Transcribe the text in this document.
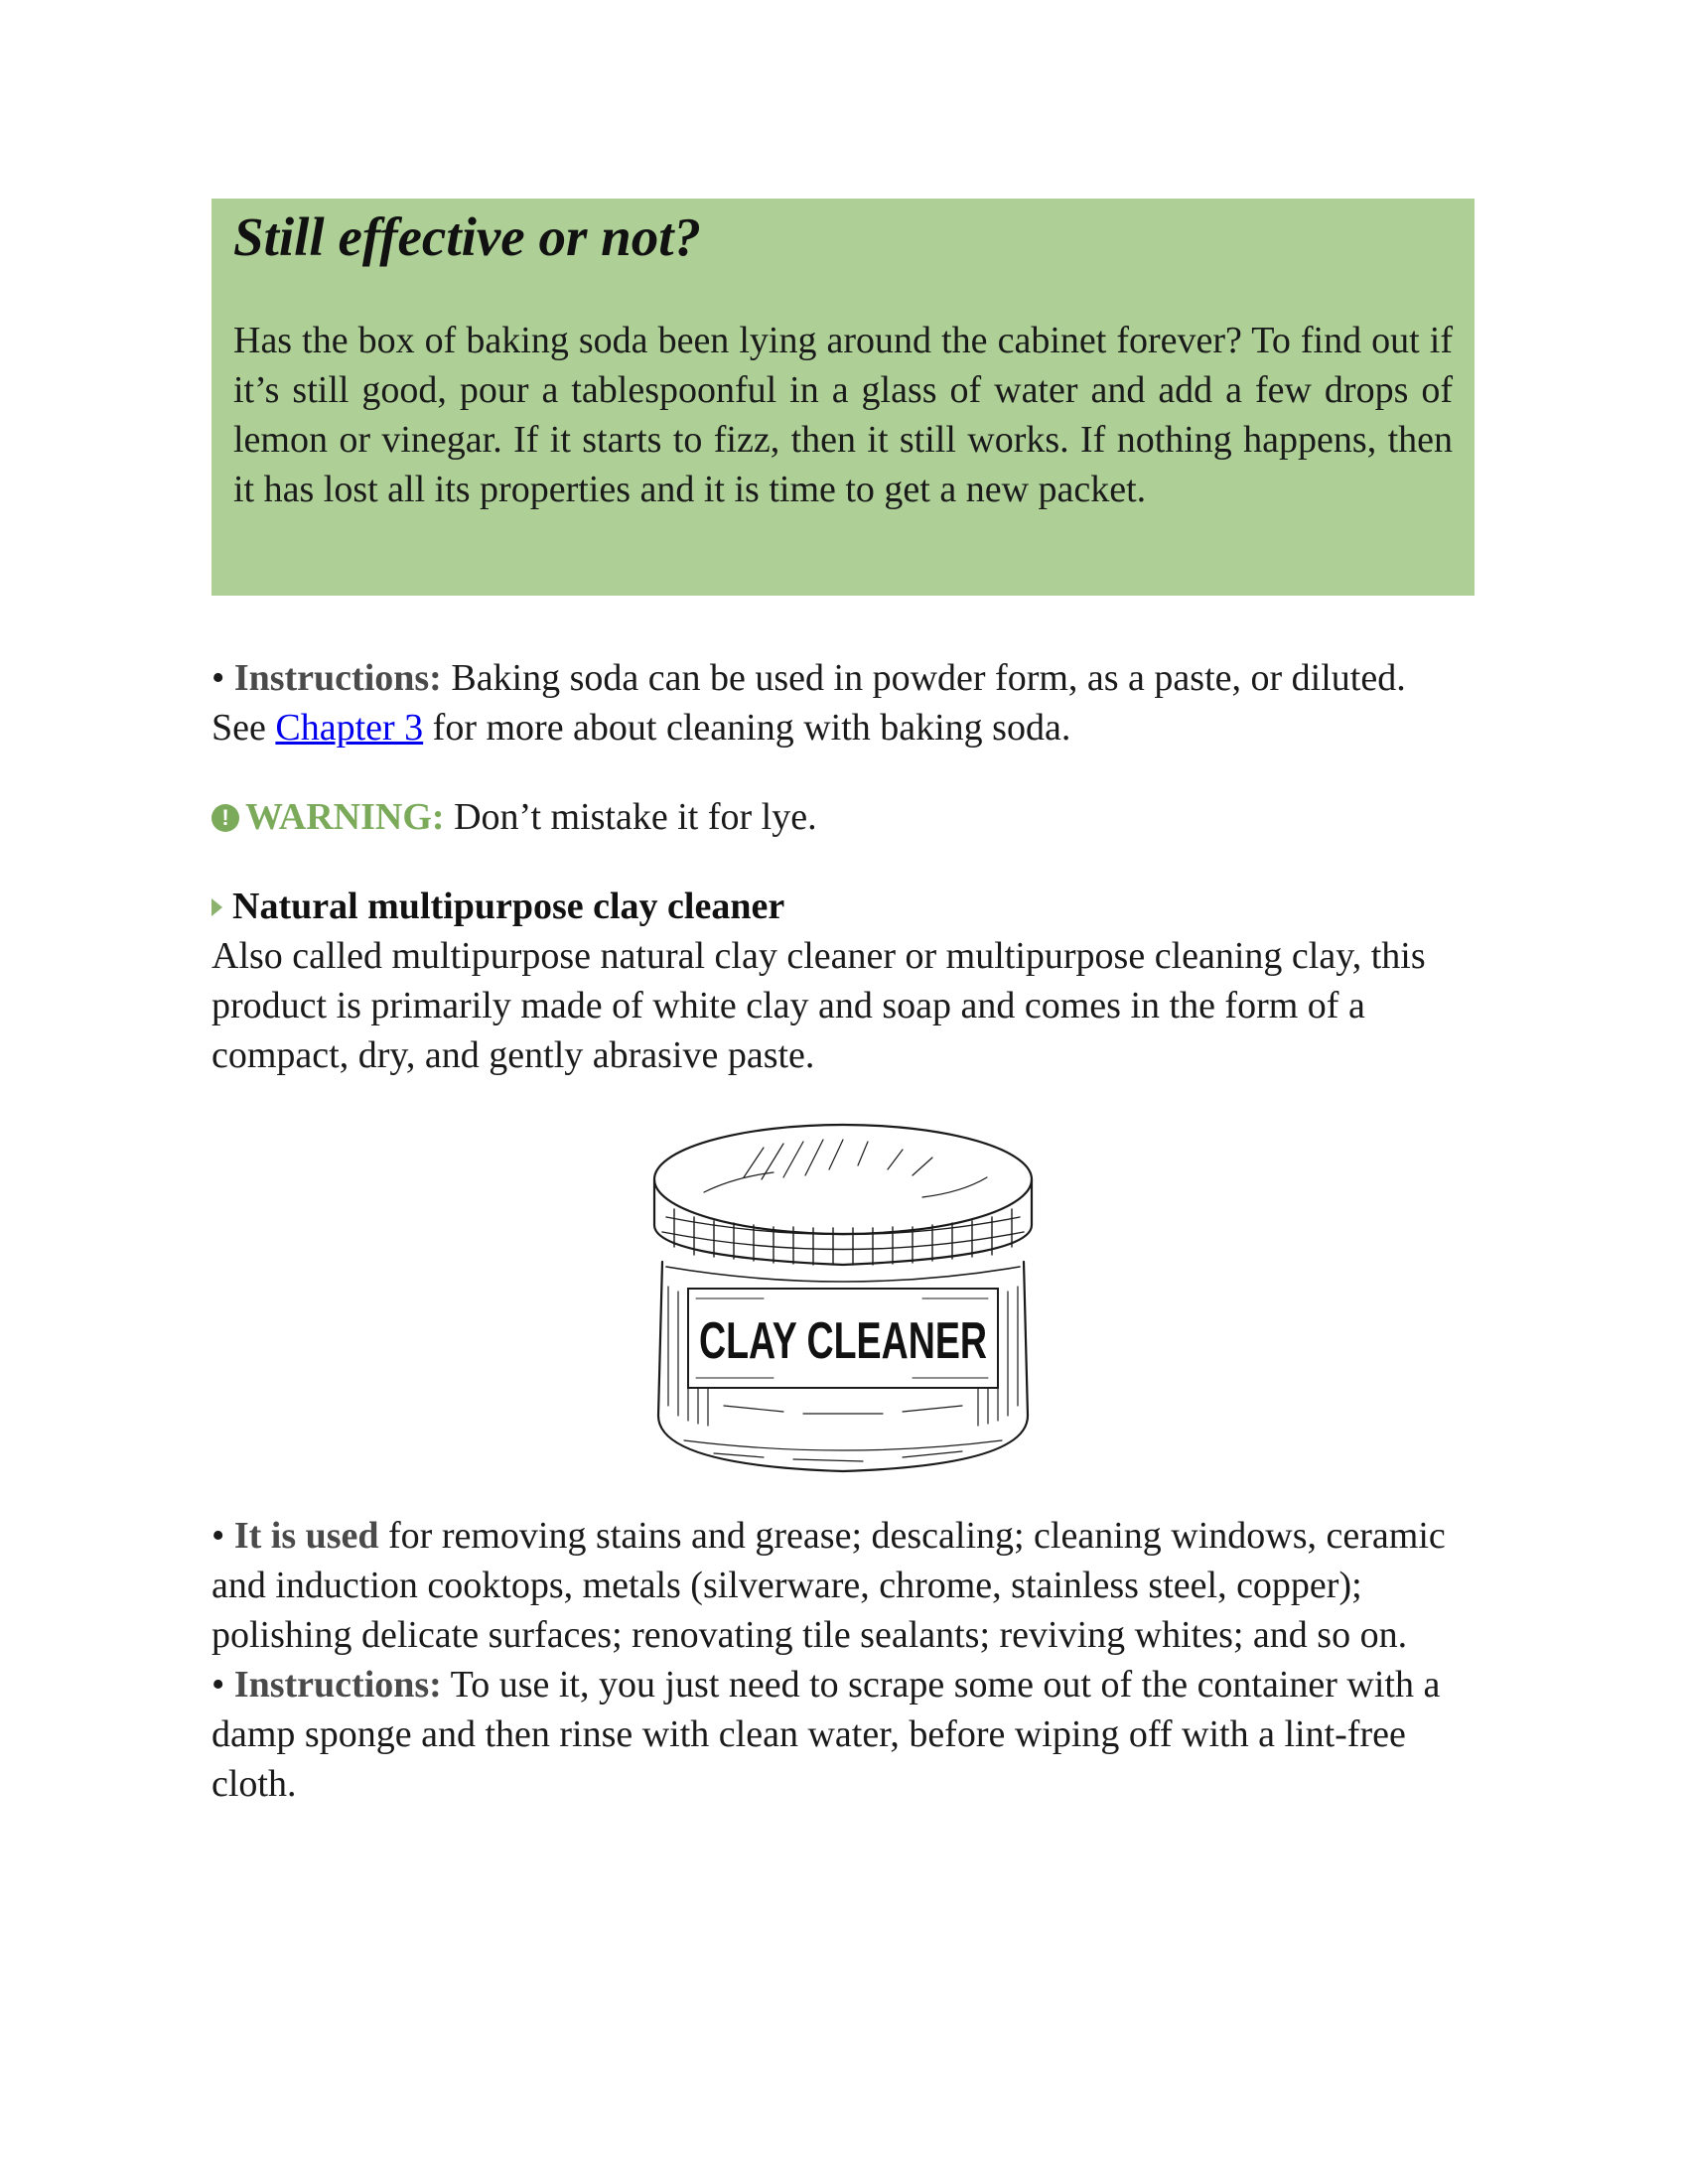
Still effective or not?

Has the box of baking soda been lying around the cabinet forever? To find out if it’s still good, pour a tablespoonful in a glass of water and add a few drops of lemon or vinegar. If it starts to fizz, then it still works. If nothing happens, then it has lost all its properties and it is time to get a new packet.

• Instructions: Baking soda can be used in powder form, as a paste, or diluted.

See Chapter 3 for more about cleaning with baking soda.

! WARNING: Don’t mistake it for lye.

Natural multipurpose clay cleaner

Also called multipurpose natural clay cleaner or multipurpose cleaning clay, this product is primarily made of white clay and soap and comes in the form of a compact, dry, and gently abrasive paste.

CLAY CLEANER

• It is used for removing stains and grease; descaling; cleaning windows, ceramic and induction cooktops, metals (silverware, chrome, stainless steel, copper); polishing delicate surfaces; renovating tile sealants; reviving whites; and so on.

• Instructions: To use it, you just need to scrape some out of the container with a damp sponge and then rinse with clean water, before wiping off with a lint-free cloth.
